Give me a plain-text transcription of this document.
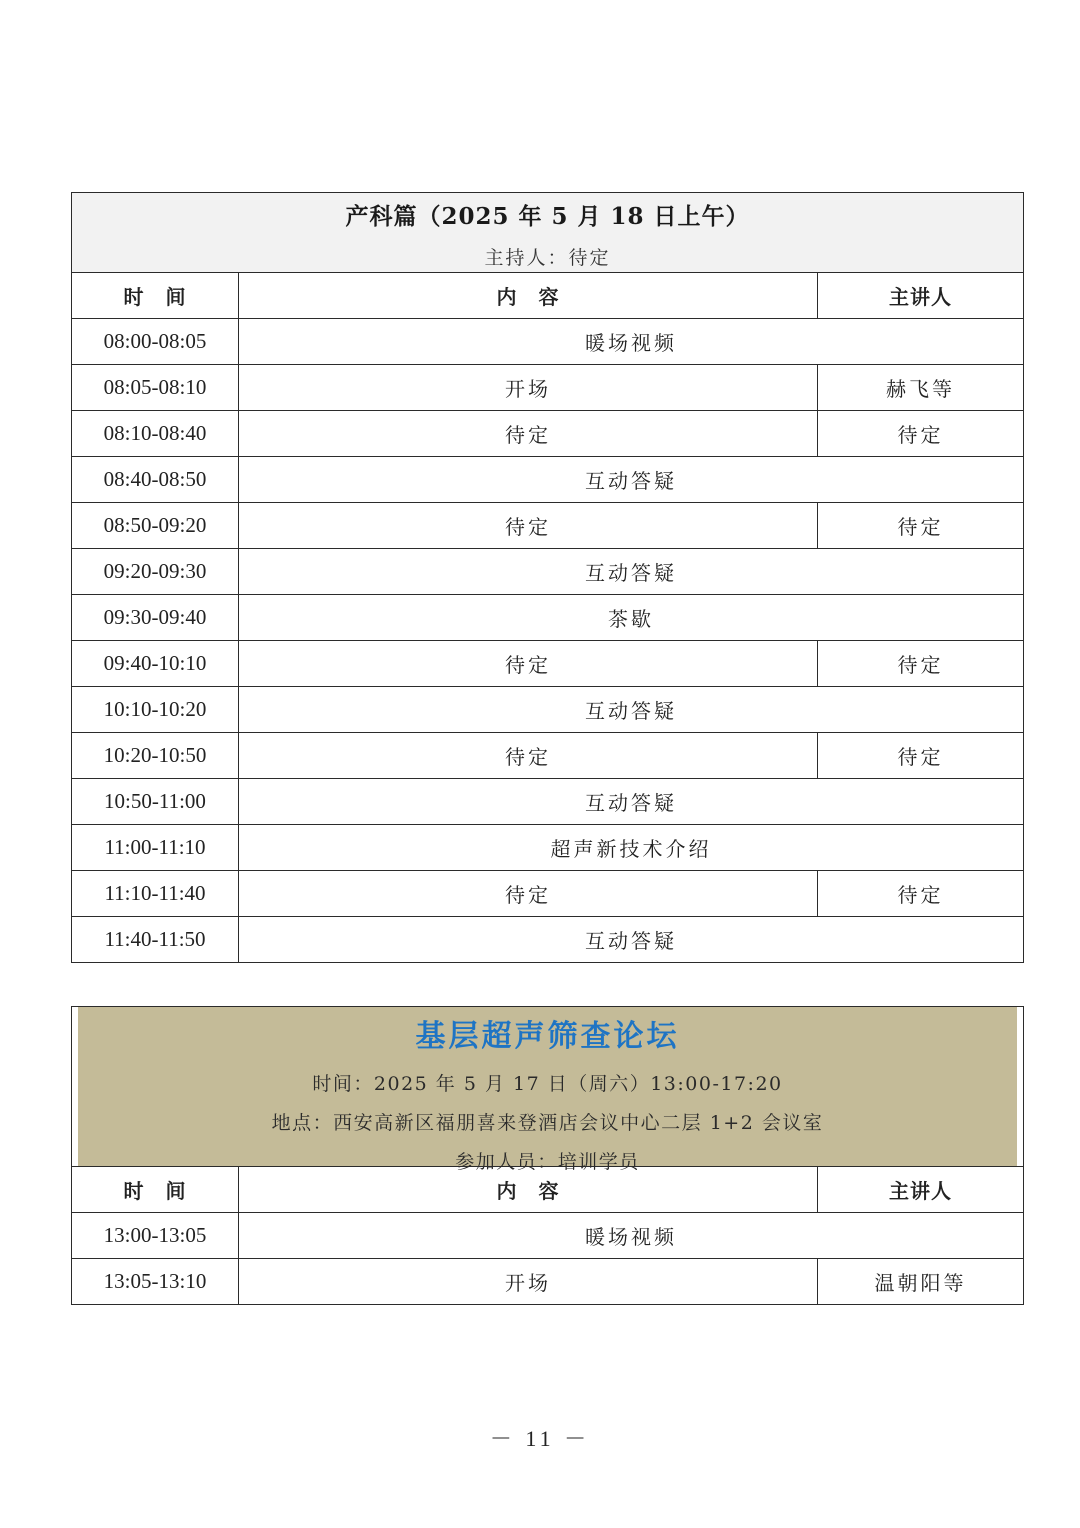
产科篇（2025 年 5 月 18 日上午）
主持人：待定		

时　间	内　容	主讲人
08:00-08:05	暖场视频	
08:05-08:10	开场	赫飞等
08:10-08:40	待定	待定
08:40-08:50	互动答疑	
08:50-09:20	待定	待定
09:20-09:30	互动答疑	
09:30-09:40	茶歇	
09:40-10:10	待定	待定
10:10-10:20	互动答疑	
10:20-10:50	待定	待定
10:50-11:00	互动答疑	
11:00-11:10	超声新技术介绍	
11:10-11:40	待定	待定
11:40-11:50	互动答疑	
基层超声筛查论坛
时间：2025 年 5 月 17 日（周六）13:00-17:20
地点：西安高新区福朋喜来登酒店会议中心二层 1+2 会议室
参加人员：培训学员		

时　间	内　容	主讲人
13:00-13:05	暖场视频	
13:05-13:10	开场	温朝阳等
－ 11 －
